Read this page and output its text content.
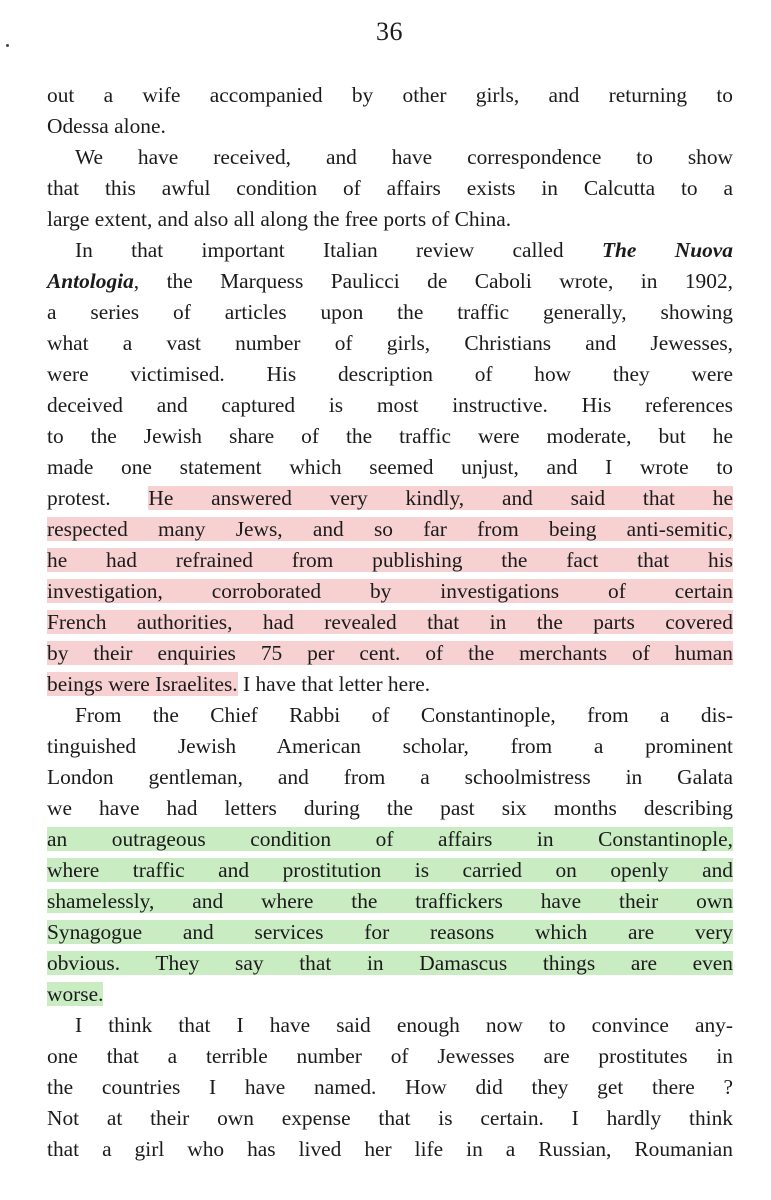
36
out a wife accompanied by other girls, and returning to
Odessa alone.
We have received, and have correspondence to show
that this awful condition of affairs exists in Calcutta to a
large extent, and also all along the free ports of China.
In that important Italian review called The Nuova
Antologia, the Marquess Paulicci de Caboli wrote, in 1902,
a series of articles upon the traffic generally, showing
what a vast number of girls, Christians and Jewesses,
were victimised. His description of how they were
deceived and captured is most instructive. His references
to the Jewish share of the traffic were moderate, but he
made one statement which seemed unjust, and I wrote to
protest. He answered very kindly, and said that he
respected many Jews, and so far from being anti-semitic,
he had refrained from publishing the fact that his
investigation, corroborated by investigations of certain
French authorities, had revealed that in the parts covered
by their enquiries 75 per cent. of the merchants of human
beings were Israelites. I have that letter here.
From the Chief Rabbi of Constantinople, from a dis-
tinguished Jewish American scholar, from a prominent
London gentleman, and from a schoolmistress in Galata
we have had letters during the past six months describing
an outrageous condition of affairs in Constantinople,
where traffic and prostitution is carried on openly and
shamelessly, and where the traffickers have their own
Synagogue and services for reasons which are very
obvious. They say that in Damascus things are even
worse.
I think that I have said enough now to convince any-
one that a terrible number of Jewesses are prostitutes in
the countries I have named. How did they get there ?
Not at their own expense that is certain. I hardly think
that a girl who has lived her life in a Russian, Roumanian
